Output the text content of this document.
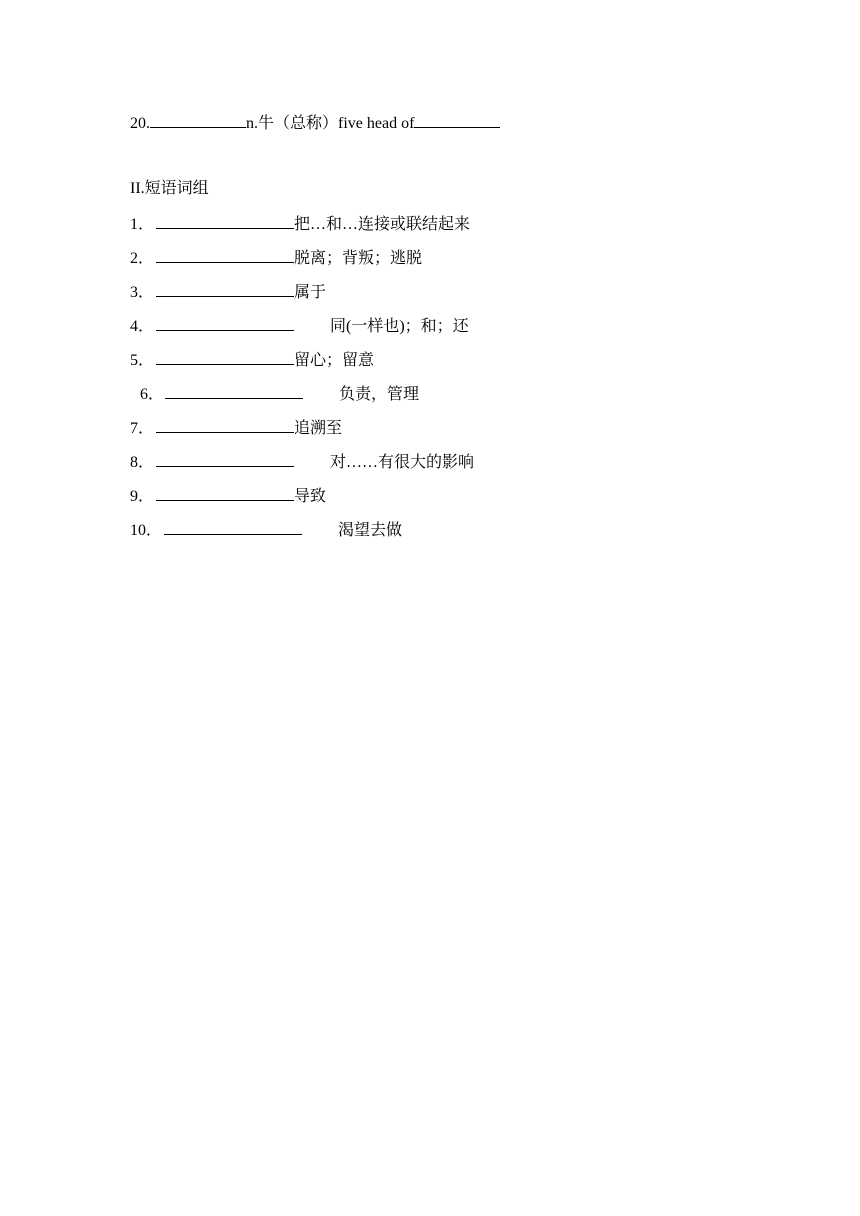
20.	n.牛（总称）five head of
II.短语词组
1．	把…和…连接或联结起来
2．	脱离；背叛；逃脱
3．	属于
4．	同(一样也)；和；还
5．	留心；留意
6．	负责，管理
7．	追溯至
8．	对……有很大的影响
9．	导致
10．	渴望去做
